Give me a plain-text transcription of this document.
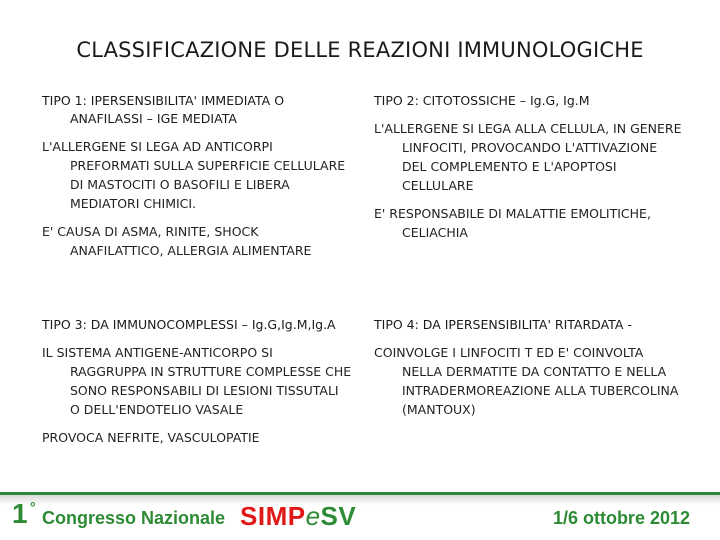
CLASSIFICAZIONE DELLE REAZIONI IMMUNOLOGICHE
TIPO 1: IPERSENSIBILITA' IMMEDIATA O ANAFILASSI – IGE MEDIATA
L'ALLERGENE SI LEGA AD ANTICORPI PREFORMATI SULLA SUPERFICIE CELLULARE DI MASTOCITI O BASOFILI E LIBERA MEDIATORI CHIMICI.
E' CAUSA DI ASMA, RINITE, SHOCK ANAFILATTICO, ALLERGIA ALIMENTARE
TIPO 2: CITOTOSSICHE – Ig.G, Ig.M
L'ALLERGENE SI LEGA ALLA CELLULA, IN GENERE LINFOCITI, PROVOCANDO L'ATTIVAZIONE DEL COMPLEMENTO E L'APOPTOSI CELLULARE
E' RESPONSABILE DI MALATTIE EMOLITICHE, CELIACHIA
TIPO 3: DA IMMUNOCOMPLESSI – Ig.G,Ig.M,Ig.A
IL SISTEMA ANTIGENE-ANTICORPO SI RAGGRUPPA IN STRUTTURE COMPLESSE CHE SONO RESPONSABILI DI LESIONI TISSUTALI O DELL'ENDOTELIO VASALE
PROVOCA NEFRITE, VASCULOPATIE
TIPO 4: DA IPERSENSIBILITA' RITARDATA -
COINVOLGE I LINFOCITI T ED E' COINVOLTA NELLA DERMATITE DA CONTATTO E NELLA INTRADERMOREAZIONE ALLA TUBERCOLINA (MANTOUX)
1 °
Congresso Nazionale SIMPeSV	1/6 ottobre 2012
